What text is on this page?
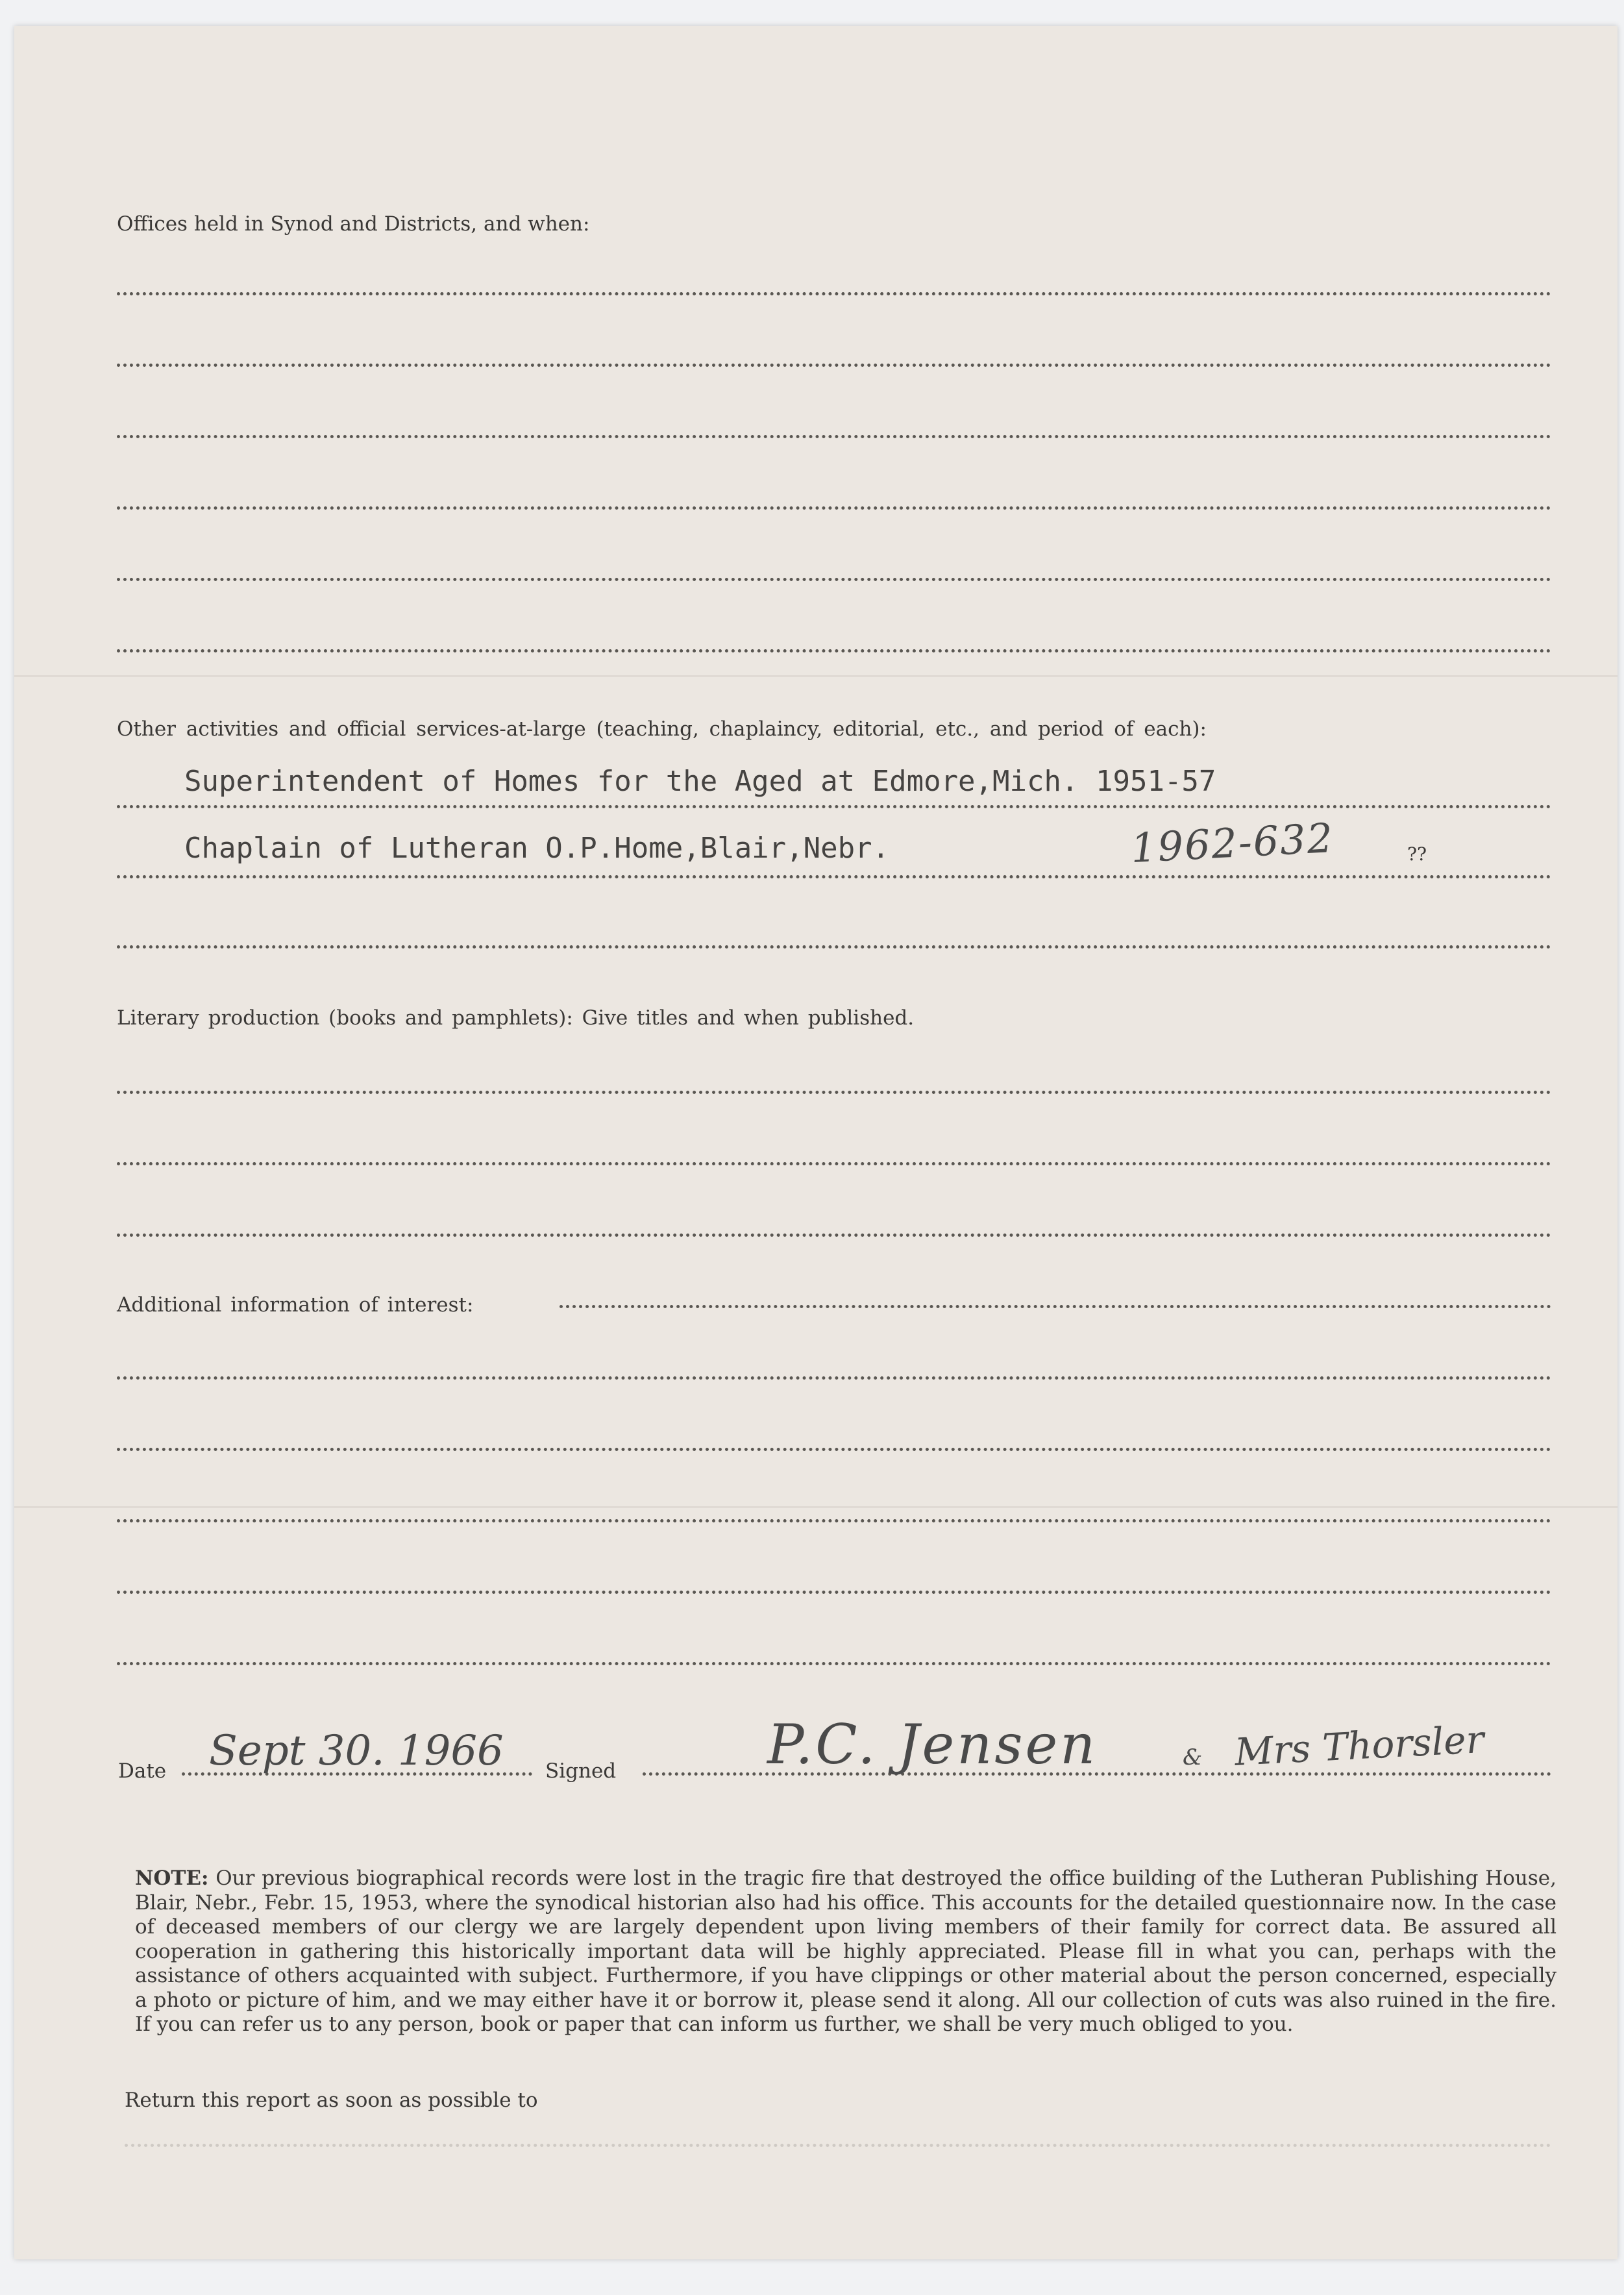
Offices held in Synod and Districts, and when:
Other activities and official services-at-large (teaching, chaplaincy, editorial, etc., and period of each):
Superintendent of Homes for the Aged at Edmore,Mich. 1951-57
Chaplain of Lutheran O.P.Home,Blair,Nebr.	1962-632	??
Literary production (books and pamphlets): Give titles and when published.
Additional information of interest:
Date Sept 30. 1966 Signed	P.C. Jensen	& Mrs Thorsler
NOTE: Our previous biographical records were lost in the tragic fire that destroyed the office building of the Lutheran Publishing House, Blair, Nebr., Febr. 15, 1953, where the synodical historian also had his office. This accounts for the detailed questionnaire now. In the case of deceased members of our clergy we are largely dependent upon living members of their family for correct data. Be assured all cooperation in gathering this historically important data will be highly appreciated. Please fill in what you can, perhaps with the assistance of others acquainted with subject. Furthermore, if you have clippings or other material about the person concerned, especially a photo or picture of him, and we may either have it or borrow it, please send it along. All our collection of cuts was also ruined in the fire. If you can refer us to any person, book or paper that can inform us further, we shall be very much obliged to you.
Return this report as soon as possible to
